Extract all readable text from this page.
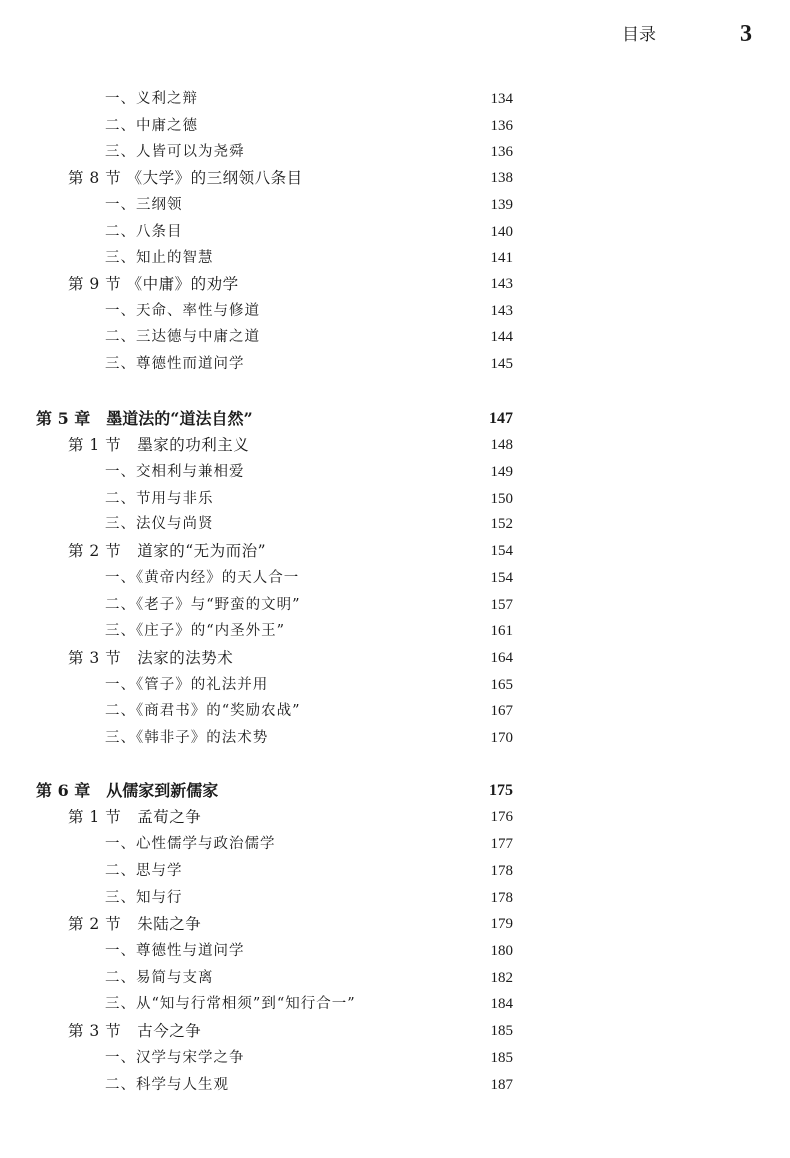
目录	3
一、义利之辩	134
二、中庸之德	136
三、人皆可以为尧舜	136
第 8 节 《大学》的三纲领八条目	138
一、三纲领	139
二、八条目	140
三、知止的智慧	141
第 9 节 《中庸》的劝学	143
一、天命、率性与修道	143
二、三达德与中庸之道	144
三、尊德性而道问学	145
第 5 章　墨道法的“道法自然”	147
第 1 节　墨家的功利主义	148
一、交相利与兼相爱	149
二、节用与非乐	150
三、法仪与尚贤	152
第 2 节　道家的“无为而治”	154
一、《黄帝内经》的天人合一	154
二、《老子》与“野蛮的文明”	157
三、《庄子》的“内圣外王”	161
第 3 节　法家的法势术	164
一、《管子》的礼法并用	165
二、《商君书》的“奖励农战”	167
三、《韩非子》的法术势	170
第 6 章　从儒家到新儒家	175
第 1 节　孟荀之争	176
一、心性儒学与政治儒学	177
二、思与学	178
三、知与行	178
第 2 节　朱陆之争	179
一、尊德性与道问学	180
二、易简与支离	182
三、从“知与行常相须”到“知行合一”	184
第 3 节　古今之争	185
一、汉学与宋学之争	185
二、科学与人生观	187
